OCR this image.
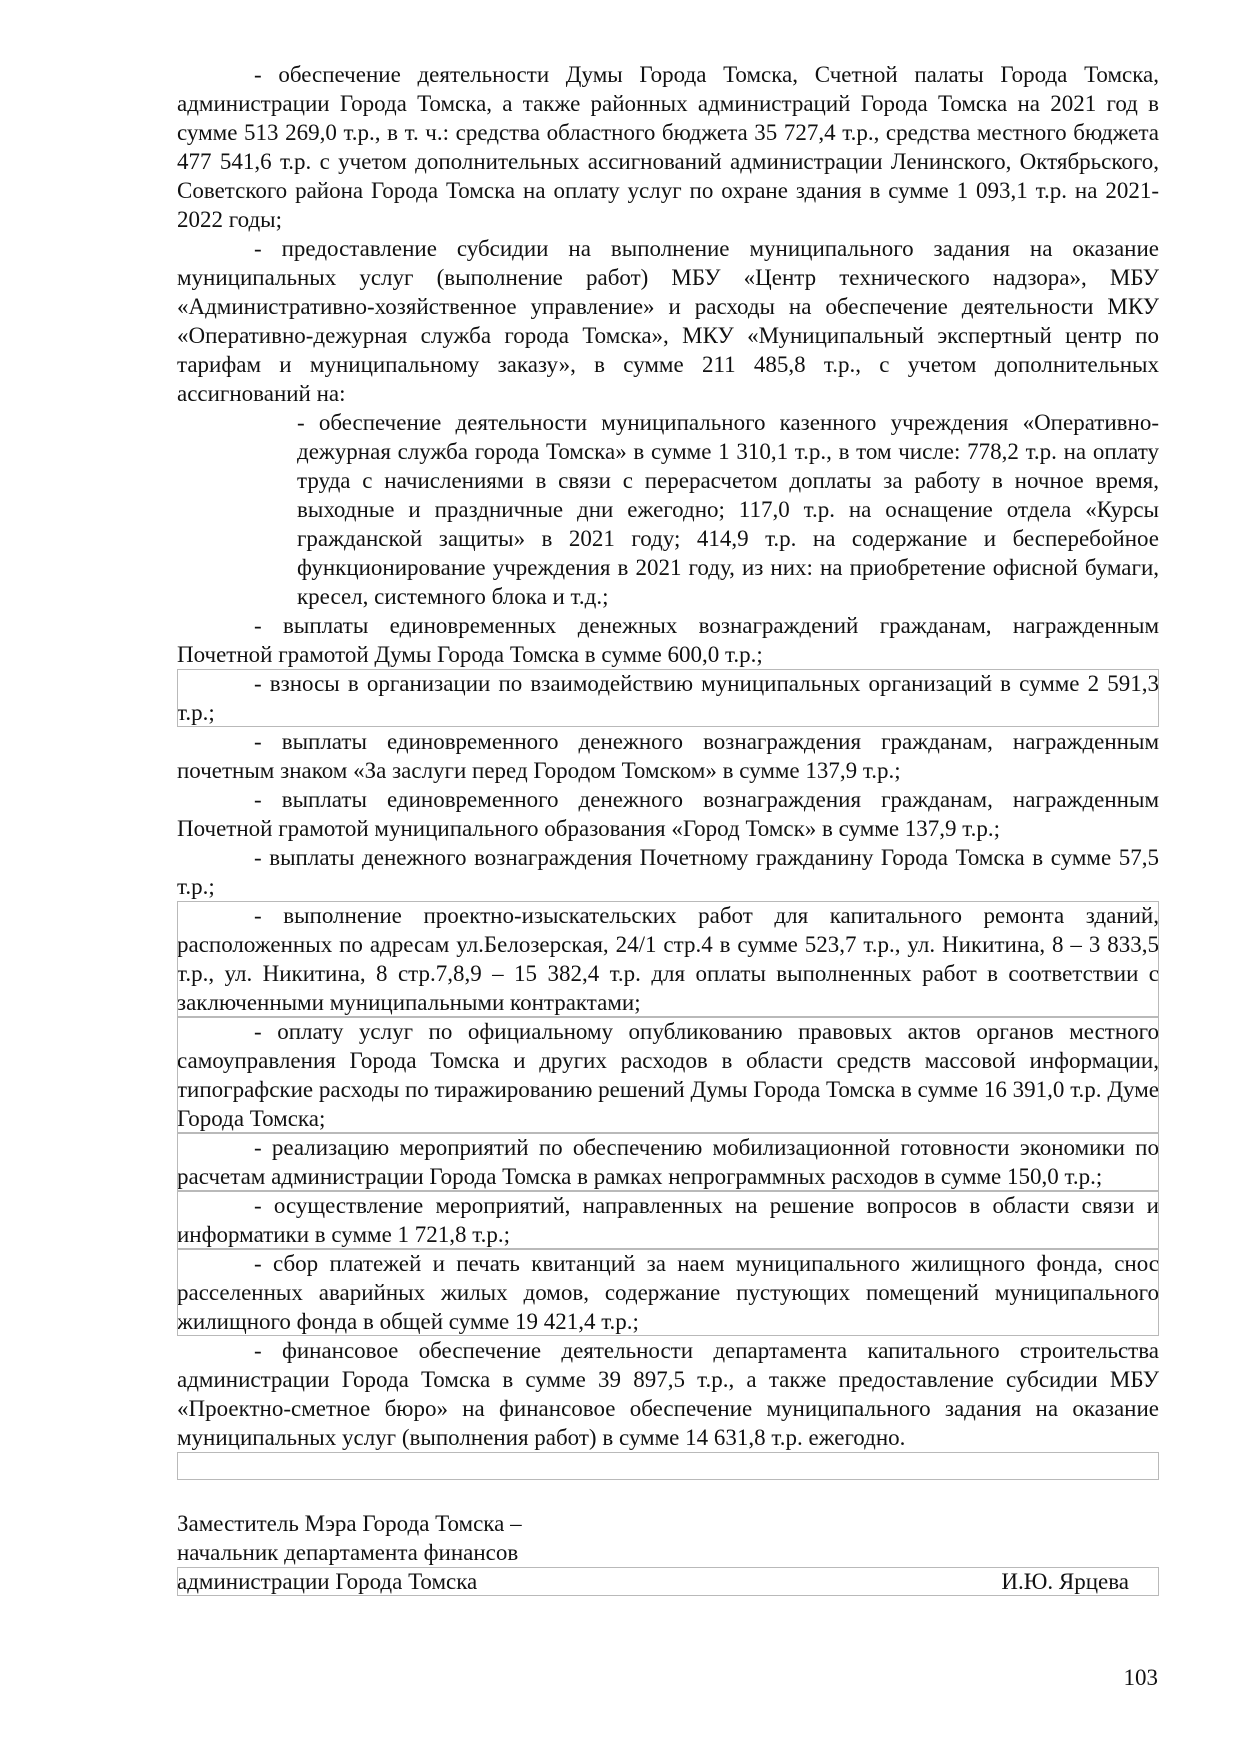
- обеспечение деятельности Думы Города Томска, Счетной палаты Города Томска, администрации Города Томска, а также районных администраций Города Томска на 2021 год в сумме 513 269,0 т.р., в т. ч.: средства областного бюджета 35 727,4 т.р., средства местного бюджета 477 541,6 т.р. с учетом дополнительных ассигнований администрации Ленинского, Октябрьского, Советского района Города Томска на оплату услуг по охране здания в сумме 1 093,1 т.р. на 2021-2022 годы;

- предоставление субсидии на выполнение муниципального задания на оказание муниципальных услуг (выполнение работ) МБУ «Центр технического надзора», МБУ «Административно-хозяйственное управление» и расходы на обеспечение деятельности МКУ «Оперативно-дежурная служба города Томска», МКУ «Муниципальный экспертный центр по тарифам и муниципальному заказу», в сумме 211 485,8 т.р., с учетом дополнительных ассигнований на:

- обеспечение деятельности муниципального казенного учреждения «Оперативно-дежурная служба города Томска» в сумме 1 310,1 т.р., в том числе: 778,2 т.р. на оплату труда с начислениями в связи с перерасчетом доплаты за работу в ночное время, выходные и праздничные дни ежегодно; 117,0 т.р. на оснащение отдела «Курсы гражданской защиты» в 2021 году; 414,9 т.р. на содержание и бесперебойное функционирование учреждения в 2021 году, из них: на приобретение офисной бумаги, кресел, системного блока и т.д.;

- выплаты единовременных денежных вознаграждений гражданам, награжденным Почетной грамотой Думы Города Томска в сумме 600,0 т.р.;

- взносы в организации по взаимодействию муниципальных организаций в сумме 2 591,3 т.р.;

- выплаты единовременного денежного вознаграждения гражданам, награжденным почетным знаком «За заслуги перед Городом Томском» в сумме 137,9 т.р.;

- выплаты единовременного денежного вознаграждения гражданам, награжденным Почетной грамотой муниципального образования «Город Томск» в сумме 137,9 т.р.;

- выплаты денежного вознаграждения Почетному гражданину Города Томска в сумме 57,5 т.р.;

- выполнение проектно-изыскательских работ для капитального ремонта зданий, расположенных по адресам ул.Белозерская, 24/1 стр.4 в сумме 523,7 т.р., ул. Никитина, 8 – 3 833,5 т.р., ул. Никитина, 8 стр.7,8,9 – 15 382,4 т.р. для оплаты выполненных работ в соответствии с заключенными муниципальными контрактами;

- оплату услуг по официальному опубликованию правовых актов органов местного самоуправления Города Томска и других расходов в области средств массовой информации, типографские расходы по тиражированию решений Думы Города Томска в сумме 16 391,0 т.р. Думе Города Томска;

- реализацию мероприятий по обеспечению мобилизационной готовности экономики по расчетам администрации Города Томска в рамках непрограммных расходов в сумме 150,0 т.р.;

- осуществление мероприятий, направленных на решение вопросов в области связи и информатики в сумме 1 721,8 т.р.;

- сбор платежей и печать квитанций за наем муниципального жилищного фонда, снос расселенных аварийных жилых домов, содержание пустующих помещений муниципального жилищного фонда в общей сумме 19 421,4 т.р.;

- финансовое обеспечение деятельности департамента капитального строительства администрации Города Томска в сумме 39 897,5 т.р., а также предоставление субсидии МБУ «Проектно-сметное бюро» на финансовое обеспечение муниципального задания на оказание муниципальных услуг (выполнения работ) в сумме 14 631,8 т.р. ежегодно.

Заместитель Мэра Города Томска –

начальник департамента финансов

администрации Города Томска	И.Ю. Ярцева
103
